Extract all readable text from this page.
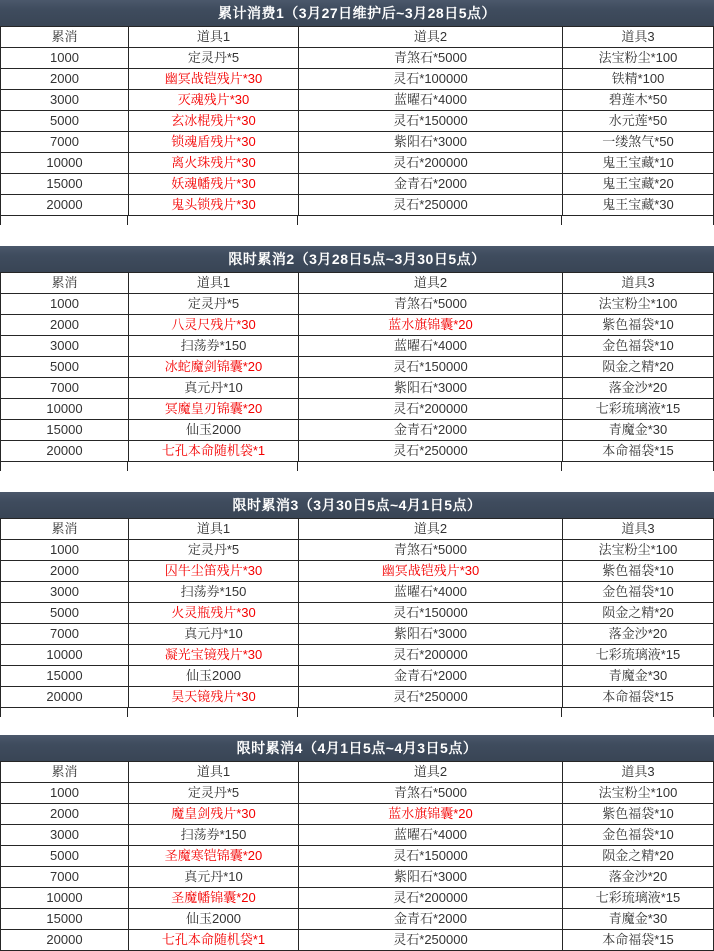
累计消费1（3月27日维护后~3月28日5点）
累消	道具1	道具2	道具3
1000	定灵丹*5	青煞石*5000	法宝粉尘*100
2000	幽冥战铠残片*30	灵石*100000	铁精*100
3000	灭魂残片*30	蓝曜石*4000	碧莲木*50
5000	玄冰棍残片*30	灵石*150000	水元莲*50
7000	锁魂盾残片*30	紫阳石*3000	一缕煞气*50
10000	离火珠残片*30	灵石*200000	鬼王宝藏*10
15000	妖魂幡残片*30	金青石*2000	鬼王宝藏*20
20000	鬼头锁残片*30	灵石*250000	鬼王宝藏*30
限时累消2（3月28日5点~3月30日5点）
累消	道具1	道具2	道具3
1000	定灵丹*5	青煞石*5000	法宝粉尘*100
2000	八灵尺残片*30	蓝水旗锦囊*20	紫色福袋*10
3000	扫荡券*150	蓝曜石*4000	金色福袋*10
5000	冰蛇魔剑锦囊*20	灵石*150000	陨金之精*20
7000	真元丹*10	紫阳石*3000	落金沙*20
10000	冥魔皇刃锦囊*20	灵石*200000	七彩琉璃液*15
15000	仙玉2000	金青石*2000	青魔金*30
20000	七孔本命随机袋*1	灵石*250000	本命福袋*15
限时累消3（3月30日5点~4月1日5点）
累消	道具1	道具2	道具3
1000	定灵丹*5	青煞石*5000	法宝粉尘*100
2000	囚牛尘笛残片*30	幽冥战铠残片*30	紫色福袋*10
3000	扫荡券*150	蓝曜石*4000	金色福袋*10
5000	火灵瓶残片*30	灵石*150000	陨金之精*20
7000	真元丹*10	紫阳石*3000	落金沙*20
10000	凝光宝镜残片*30	灵石*200000	七彩琉璃液*15
15000	仙玉2000	金青石*2000	青魔金*30
20000	昊天镜残片*30	灵石*250000	本命福袋*15
限时累消4（4月1日5点~4月3日5点）
累消	道具1	道具2	道具3
1000	定灵丹*5	青煞石*5000	法宝粉尘*100
2000	魔皇剑残片*30	蓝水旗锦囊*20	紫色福袋*10
3000	扫荡券*150	蓝曜石*4000	金色福袋*10
5000	圣魔寒铠锦囊*20	灵石*150000	陨金之精*20
7000	真元丹*10	紫阳石*3000	落金沙*20
10000	圣魔幡锦囊*20	灵石*200000	七彩琉璃液*15
15000	仙玉2000	金青石*2000	青魔金*30
20000	七孔本命随机袋*1	灵石*250000	本命福袋*15
